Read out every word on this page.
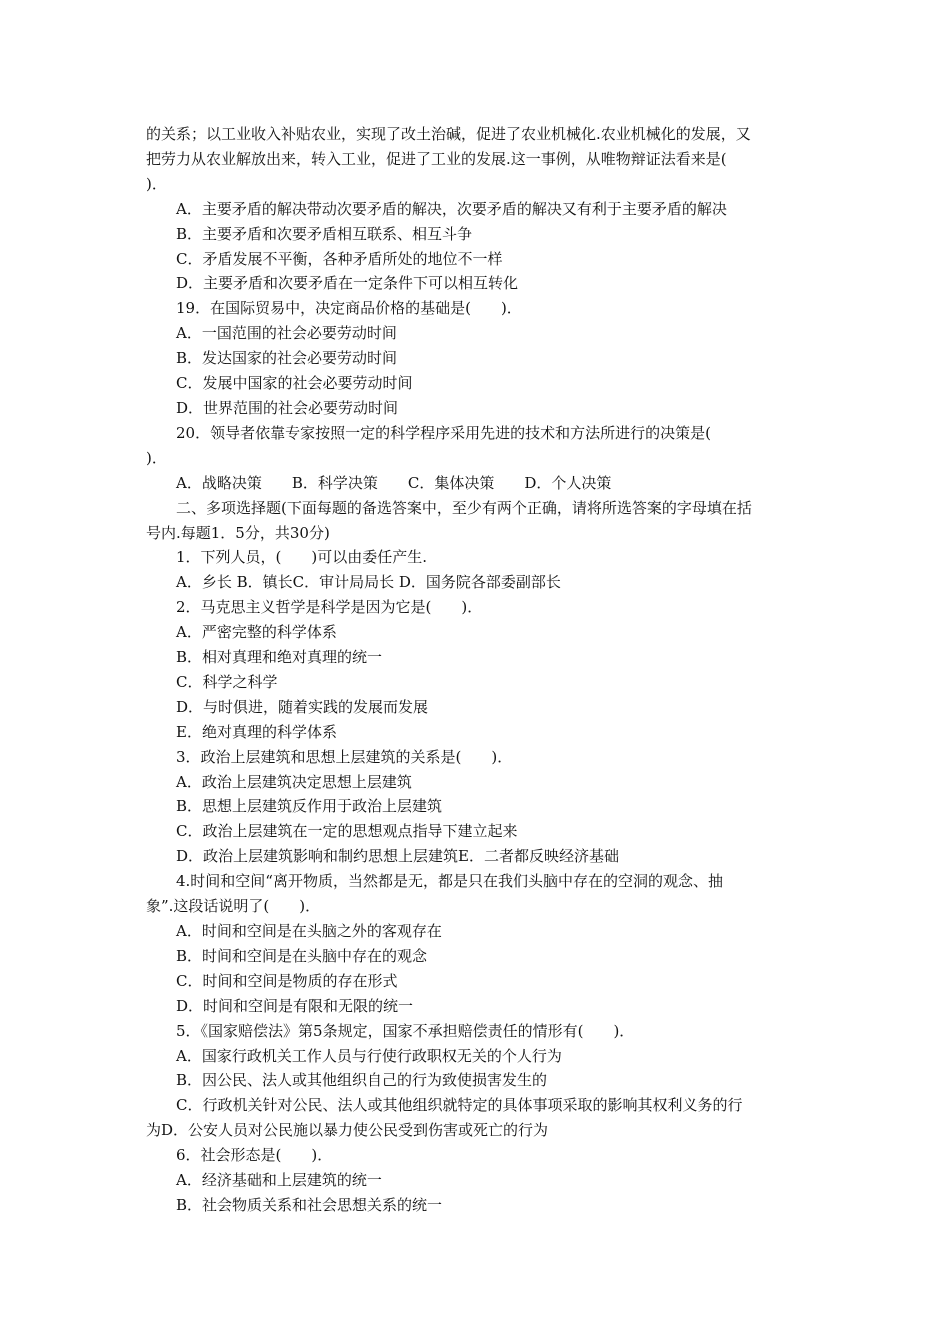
的关系；以工业收入补贴农业，实现了改土治碱，促进了农业机械化.农业机械化的发展，又

把劳力从农业解放出来，转入工业，促进了工业的发展.这一事例，从唯物辩证法看来是(

)．

A．主要矛盾的解决带动次要矛盾的解决，次要矛盾的解决又有利于主要矛盾的解决

B．主要矛盾和次要矛盾相互联系、相互斗争

C．矛盾发展不平衡，各种矛盾所处的地位不一样

D．主要矛盾和次要矛盾在一定条件下可以相互转化

19．在国际贸易中，决定商品价格的基础是(　　)．

A．一国范围的社会必要劳动时间

B．发达国家的社会必要劳动时间

C．发展中国家的社会必要劳动时间

D．世界范围的社会必要劳动时间

20．领导者依靠专家按照一定的科学程序采用先进的技术和方法所进行的决策是(

)．

A．战略决策　　B．科学决策　　C．集体决策　　D．个人决策

二、多项选择题(下面每题的备选答案中，至少有两个正确，请将所选答案的字母填在括

号内.每题1．5分，共30分)

1．下列人员，(　　)可以由委任产生.

A．乡长 B．镇长C．审计局局长 D．国务院各部委副部长

2．马克思主义哲学是科学是因为它是(　　)．

A．严密完整的科学体系

B．相对真理和绝对真理的统一

C．科学之科学

D．与时俱进，随着实践的发展而发展

E．绝对真理的科学体系

3．政治上层建筑和思想上层建筑的关系是(　　)．

A．政治上层建筑决定思想上层建筑

B．思想上层建筑反作用于政治上层建筑

C．政治上层建筑在一定的思想观点指导下建立起来

D．政治上层建筑影响和制约思想上层建筑E．二者都反映经济基础

4.时间和空间“离开物质，当然都是无，都是只在我们头脑中存在的空洞的观念、抽

象”.这段话说明了(　　)．

A．时间和空间是在头脑之外的客观存在

B．时间和空间是在头脑中存在的观念

C．时间和空间是物质的存在形式

D．时间和空间是有限和无限的统一

5．《国家赔偿法》第5条规定，国家不承担赔偿责任的情形有(　　)．

A．国家行政机关工作人员与行使行政职权无关的个人行为

B．因公民、法人或其他组织自己的行为致使损害发生的

C．行政机关针对公民、法人或其他组织就特定的具体事项采取的影响其权利义务的行

为D．公安人员对公民施以暴力使公民受到伤害或死亡的行为

6．社会形态是(　　)．

A．经济基础和上层建筑的统一

B．社会物质关系和社会思想关系的统一
